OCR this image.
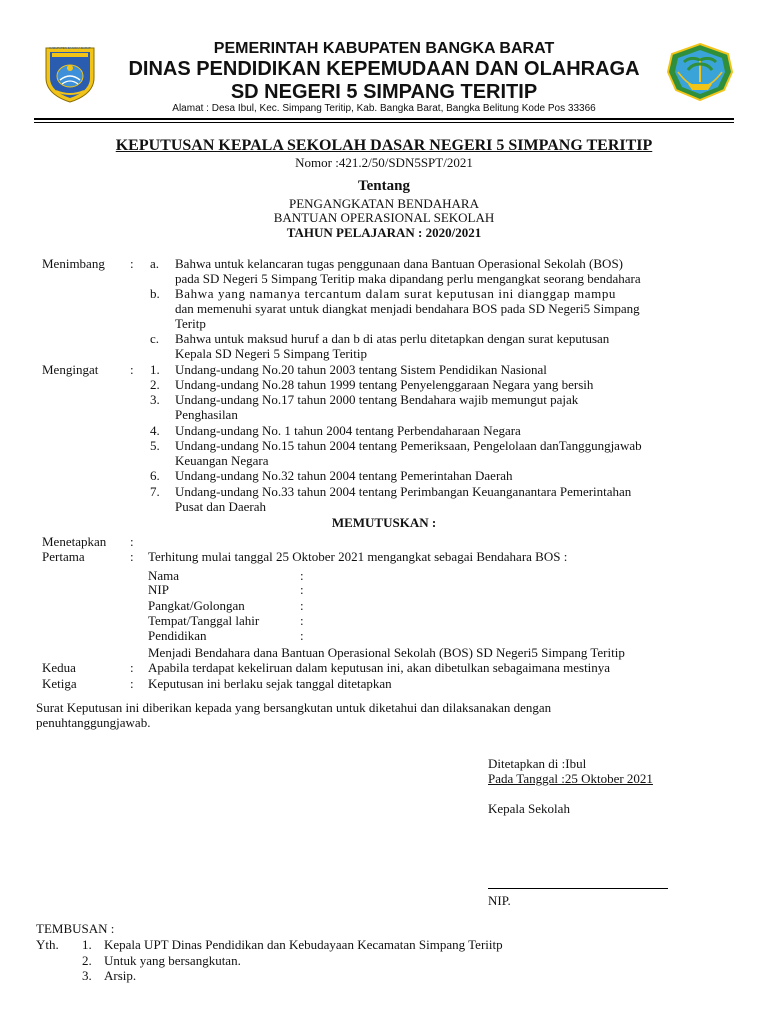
KABUPATEN BANGKA BARAT	PEMERINTAH KABUPATEN BANGKA BARAT
DINAS PENDIDIKAN KEPEMUDAAN DAN OLAHRAGA
SD NEGERI 5 SIMPANG TERITIP
Alamat : Desa Ibul, Kec. Simpang Teritip, Kab. Bangka Barat, Bangka Belitung Kode Pos 33366
KEPUTUSAN KEPALA SEKOLAH DASAR NEGERI 5 SIMPANG TERITIP
Nomor :421.2/50/SDN5SPT/2021
Tentang
PENGANGKATAN BENDAHARA
BANTUAN OPERASIONAL SEKOLAH
TAHUN PELAJARAN : 2020/2021
Menimbang : a. Bahwa untuk kelancaran tugas penggunaan dana Bantuan Operasional Sekolah (BOS)
pada SD Negeri 5 Simpang Teritip maka dipandang perlu mengangkat seorang bendahara
b. Bahwa yang namanya tercantum dalam surat keputusan ini dianggap mampu
dan memenuhi syarat untuk diangkat menjadi bendahara BOS pada SD Negeri5 Simpang
Teritp
c. Bahwa untuk maksud huruf a dan b di atas perlu ditetapkan dengan surat keputusan
Kepala SD Negeri 5 Simpang Teritip
Mengingat : 1. Undang-undang No.20 tahun 2003 tentang Sistem Pendidikan Nasional
2. Undang-undang No.28 tahun 1999 tentang Penyelenggaraan Negara yang bersih
3. Undang-undang No.17 tahun 2000 tentang Bendahara wajib memungut pajak
Penghasilan
4. Undang-undang No. 1 tahun 2004 tentang Perbendaharaan Negara
5. Undang-undang No.15 tahun 2004 tentang Pemeriksaan, Pengelolaan danTanggungjawab
Keuangan Negara
6. Undang-undang No.32 tahun 2004 tentang Pemerintahan Daerah
7. Undang-undang No.33 tahun 2004 tentang Perimbangan Keuanganantara Pemerintahan
Pusat dan Daerah
MEMUTUSKAN :
Menetapkan :
Pertama	: Terhitung mulai tanggal 25 Oktober 2021 mengangkat sebagai Bendahara BOS :
Nama	:
NIP	:
Pangkat/Golongan	:
Tempat/Tanggal lahir	:
Pendidikan	:
Menjadi Bendahara dana Bantuan Operasional Sekolah (BOS) SD Negeri5 Simpang Teritip
Kedua	: Apabila terdapat kekeliruan dalam keputusan ini, akan dibetulkan sebagaimana mestinya
Ketiga	: Keputusan ini berlaku sejak tanggal ditetapkan
Surat Keputusan ini diberikan kepada yang bersangkutan untuk diketahui dan dilaksanakan dengan
penuhtanggungjawab.
Ditetapkan di :Ibul
Pada Tanggal :25 Oktober 2021
Kepala Sekolah
NIP.
TEMBUSAN :
Yth. 1. Kepala UPT Dinas Pendidikan dan Kebudayaan Kecamatan Simpang Teriitp
2. Untuk yang bersangkutan.
3. Arsip.
